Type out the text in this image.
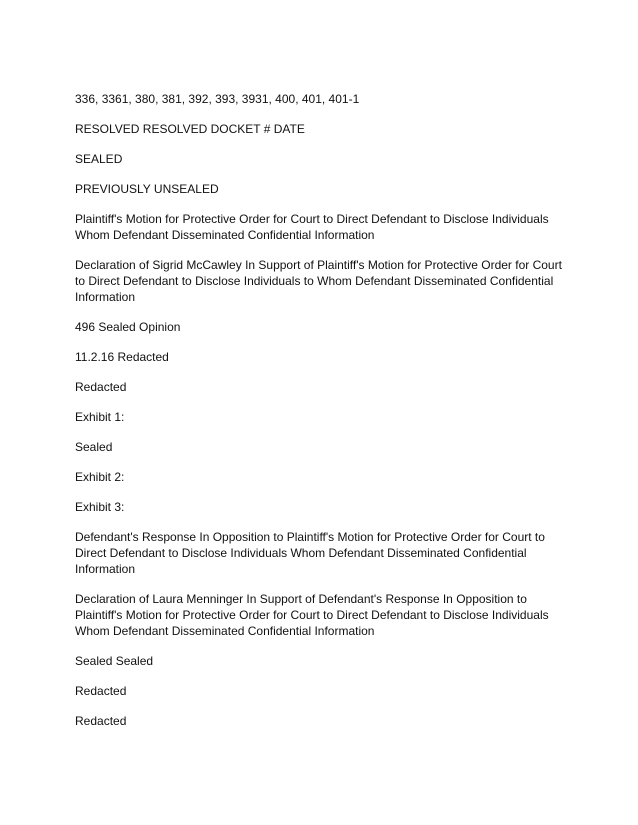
336, 3361, 380, 381, 392, 393, 3931, 400, 401, 401-1

RESOLVED RESOLVED DOCKET # DATE

SEALED

PREVIOUSLY UNSEALED

Plaintiff's Motion for Protective Order for Court to Direct Defendant to Disclose Individuals Whom Defendant Disseminated Confidential Information

Declaration of Sigrid McCawley In Support of Plaintiff's Motion for Protective Order for Court to Direct Defendant to Disclose Individuals to Whom Defendant Disseminated Confidential Information

496 Sealed Opinion

11.2.16 Redacted

Redacted

Exhibit 1:

Sealed

Exhibit 2:

Exhibit 3:

Defendant's Response In Opposition to Plaintiff's Motion for Protective Order for Court to Direct Defendant to Disclose Individuals Whom Defendant Disseminated Confidential Information

Declaration of Laura Menninger In Support of Defendant's Response In Opposition to Plaintiff's Motion for Protective Order for Court to Direct Defendant to Disclose Individuals Whom Defendant Disseminated Confidential Information

Sealed Sealed

Redacted

Redacted
